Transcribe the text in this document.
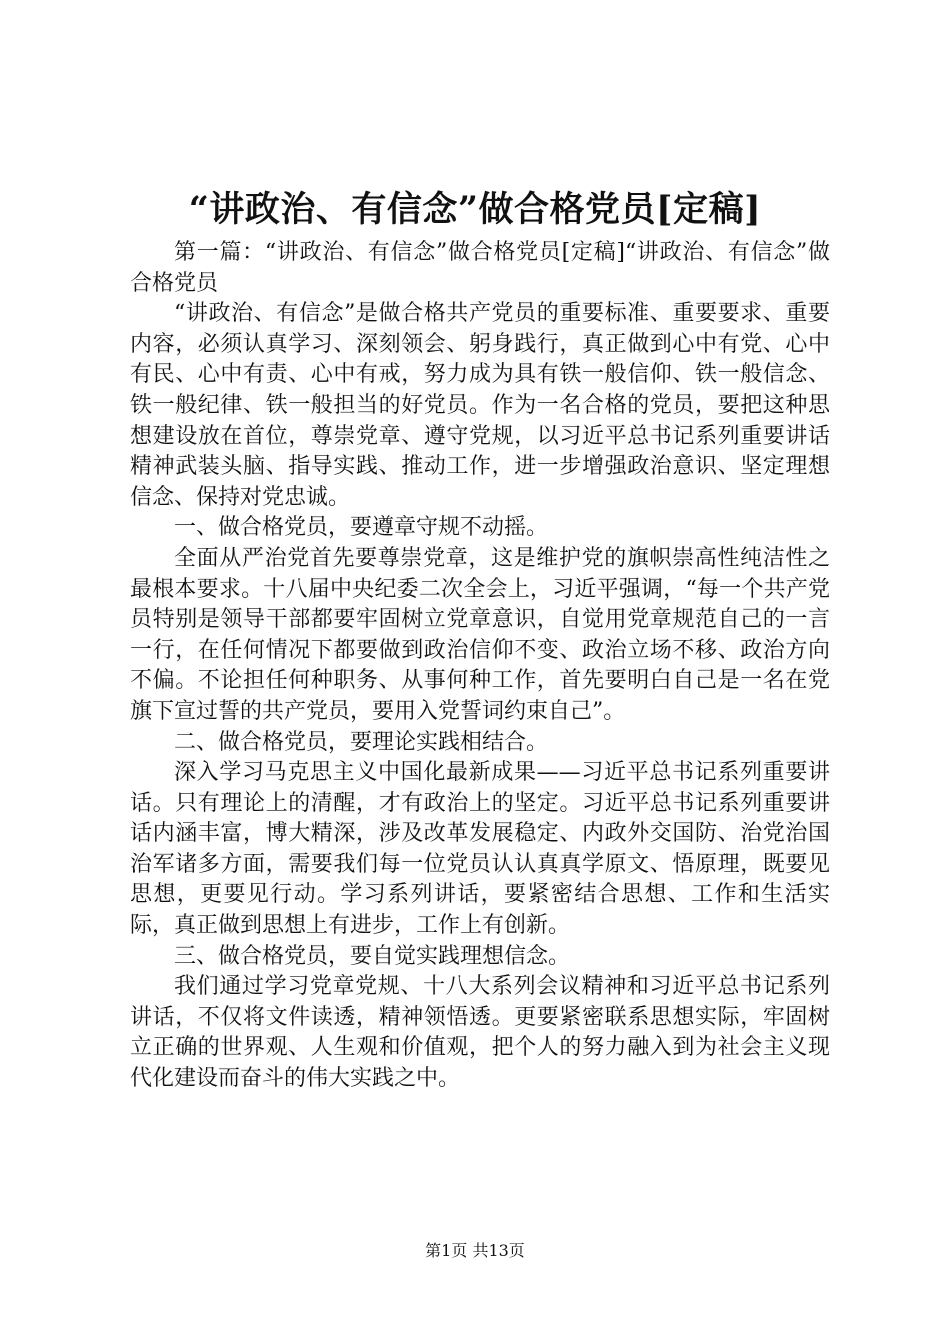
“讲政治、有信念”做合格党员[定稿]

第一篇：“讲政治、有信念”做合格党员[定稿]“讲政治、有信念”做合格党员

“讲政治、有信念”是做合格共产党员的重要标准、重要要求、重要内容，必须认真学习、深刻领会、躬身践行，真正做到心中有党、心中有民、心中有责、心中有戒，努力成为具有铁一般信仰、铁一般信念、铁一般纪律、铁一般担当的好党员。作为一名合格的党员，要把这种思想建设放在首位，尊崇党章、遵守党规，以习近平总书记系列重要讲话精神武装头脑、指导实践、推动工作，进一步增强政治意识、坚定理想信念、保持对党忠诚。

一、做合格党员，要遵章守规不动摇。

全面从严治党首先要尊崇党章，这是维护党的旗帜崇高性纯洁性之最根本要求。十八届中央纪委二次全会上，习近平强调，“每一个共产党员特别是领导干部都要牢固树立党章意识，自觉用党章规范自己的一言一行，在任何情况下都要做到政治信仰不变、政治立场不移、政治方向不偏。不论担任何种职务、从事何种工作，首先要明白自己是一名在党旗下宣过誓的共产党员，要用入党誓词约束自己”。

二、做合格党员，要理论实践相结合。

深入学习马克思主义中国化最新成果——习近平总书记系列重要讲话。只有理论上的清醒，才有政治上的坚定。习近平总书记系列重要讲话内涵丰富，博大精深，涉及改革发展稳定、内政外交国防、治党治国治军诸多方面，需要我们每一位党员认认真真学原文、悟原理，既要见思想，更要见行动。学习系列讲话，要紧密结合思想、工作和生活实际，真正做到思想上有进步，工作上有创新。

三、做合格党员，要自觉实践理想信念。

我们通过学习党章党规、十八大系列会议精神和习近平总书记系列讲话，不仅将文件读透，精神领悟透。更要紧密联系思想实际，牢固树立正确的世界观、人生观和价值观，把个人的努力融入到为社会主义现代化建设而奋斗的伟大实践之中。

第1页 共13页
